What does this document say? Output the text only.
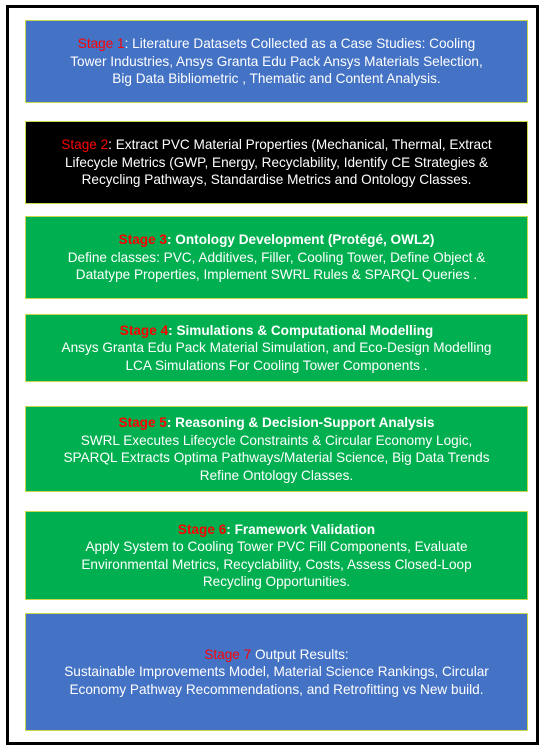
Stage 1: Literature Datasets Collected as a Case Studies: Cooling

Tower Industries, Ansys Granta Edu Pack Ansys Materials Selection,

Big Data Bibliometric , Thematic and Content Analysis.

Stage 2: Extract PVC Material Properties (Mechanical, Thermal, Extract

Lifecycle Metrics (GWP, Energy, Recyclability, Identify CE Strategies &

Recycling Pathways, Standardise Metrics and Ontology Classes.

Stage 3: Ontology Development (Protégé, OWL2)

Define classes: PVC, Additives, Filler, Cooling Tower, Define Object &

Datatype Properties, Implement SWRL Rules & SPARQL Queries .

Stage 4: Simulations & Computational Modelling

Ansys Granta Edu Pack Material Simulation, and Eco-Design Modelling

LCA Simulations For Cooling Tower Components .

Stage 5: Reasoning & Decision-Support Analysis

SWRL Executes Lifecycle Constraints & Circular Economy Logic,

SPARQL Extracts Optima Pathways/Material Science, Big Data Trends

Refine Ontology Classes.

Stage 6: Framework Validation

Apply System to Cooling Tower PVC Fill Components, Evaluate

Environmental Metrics, Recyclability, Costs, Assess Closed-Loop

Recycling Opportunities.

Stage 7 Output Results:

Sustainable Improvements Model, Material Science Rankings, Circular

Economy Pathway Recommendations, and Retrofitting vs New build.
